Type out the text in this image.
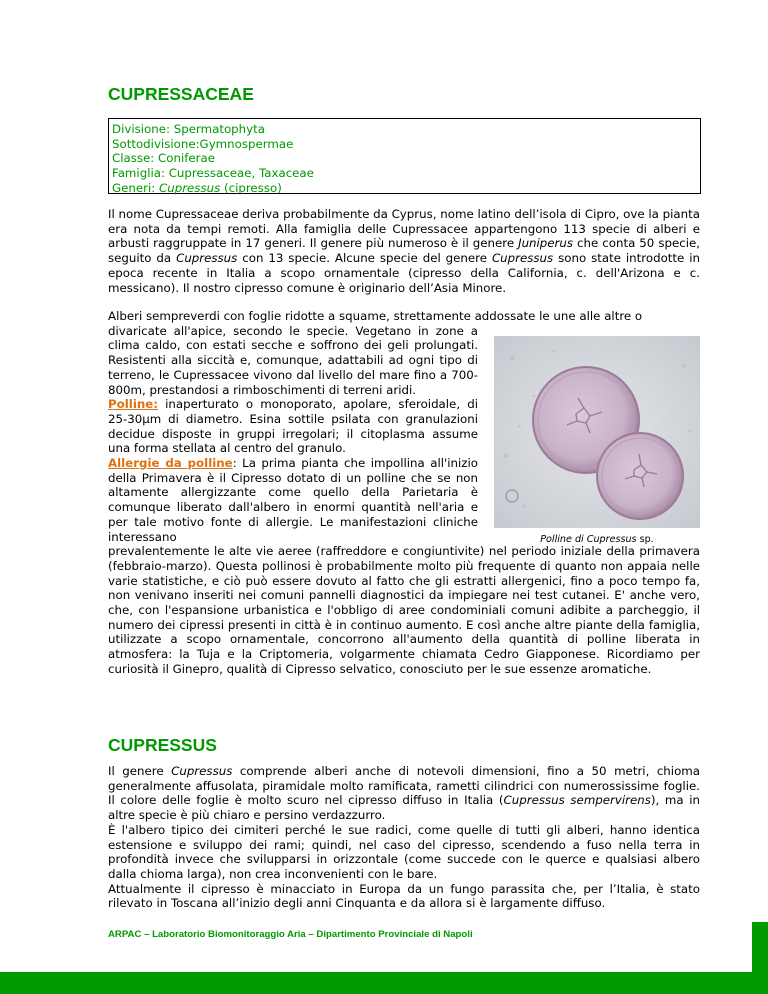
CUPRESSACEAE
Divisione: Spermatophyta
Sottodivisione:Gymnospermae
Classe: Coniferae
Famiglia: Cupressaceae, Taxaceae
Generi: Cupressus (cipresso)

Il nome Cupressaceae deriva probabilmente da Cyprus, nome latino dell’isola di Cipro, ove la pianta era nota da tempi remoti. Alla famiglia delle Cupressacee appartengono 113 specie di alberi e arbusti raggruppate in 17 generi. Il genere più numeroso è il genere Juniperus che conta 50 specie, seguito da Cupressus con 13 specie. Alcune specie del genere Cupressus sono state introdotte in epoca recente in Italia a scopo ornamentale (cipresso della California, c. dell'Arizona e c. messicano). Il nostro cipresso comune è originario dell’Asia Minore.

Alberi sempreverdi con foglie ridotte a squame, strettamente addossate le une alle altre o
divaricate all'apice, secondo le specie. Vegetano in zone a clima caldo, con estati secche e soffrono dei geli prolungati. Resistenti alla siccità e, comunque, adattabili ad ogni tipo di terreno, le Cupressacee vivono dal livello del mare fino a 700-800m, prestandosi a rimboschimenti di terreni aridi.
Polline: inaperturato o monoporato, apolare, sferoidale, di 25-30µm di diametro. Esina sottile psilata con granulazioni decidue disposte in gruppi irregolari; il citoplasma assume una forma stellata al centro del granulo.
Allergie da polline: La prima pianta che impollina all'inizio della Primavera è il Cipresso dotato di un polline che se non altamente allergizzante come quello della Parietaria è comunque liberato dall'albero in enormi quantità nell'aria e per tale motivo fonte di allergie. Le manifestazioni cliniche interessano
prevalentemente le alte vie aeree (raffreddore e congiuntivite) nel periodo iniziale della primavera (febbraio-marzo). Questa pollinosi è probabilmente molto più frequente di quanto non appaia nelle varie statistiche, e ciò può essere dovuto al fatto che gli estratti allergenici, fino a poco tempo fa, non venivano inseriti nei comuni pannelli diagnostici da impiegare nei test cutanei. E' anche vero, che, con l'espansione urbanistica e l'obbligo di aree condominiali comuni adibite a parcheggio, il numero dei cipressi presenti in città è in continuo aumento. E così anche altre piante della famiglia, utilizzate a scopo ornamentale, concorrono all'aumento della quantità di polline liberata in atmosfera: la Tuja e la Criptomeria, volgarmente chiamata Cedro Giapponese. Ricordiamo per curiosità il Ginepro, qualità di Cipresso selvatico, conosciuto per le sue essenze aromatiche.
Polline di Cupressus sp.
CUPRESSUS
Il genere Cupressus comprende alberi anche di notevoli dimensioni, fino a 50 metri, chioma generalmente affusolata, piramidale molto ramificata, rametti cilindrici con numerossissime foglie. Il colore delle foglie è molto scuro nel cipresso diffuso in Italia (Cupressus sempervirens), ma in altre specie è più chiaro e persino verdazzurro.
È l'albero tipico dei cimiteri perché le sue radici, come quelle di tutti gli alberi, hanno identica estensione e sviluppo dei rami; quindi, nel caso del cipresso, scendendo a fuso nella terra in profondità invece che svilupparsi in orizzontale (come succede con le querce e qualsiasi albero dalla chioma larga), non crea inconvenienti con le bare.
Attualmente il cipresso è minacciato in Europa da un fungo parassita che, per l’Italia, è stato rilevato in Toscana all’inizio degli anni Cinquanta e da allora si è largamente diffuso.
ARPAC – Laboratorio Biomonitoraggio Aria – Dipartimento Provinciale di Napoli
